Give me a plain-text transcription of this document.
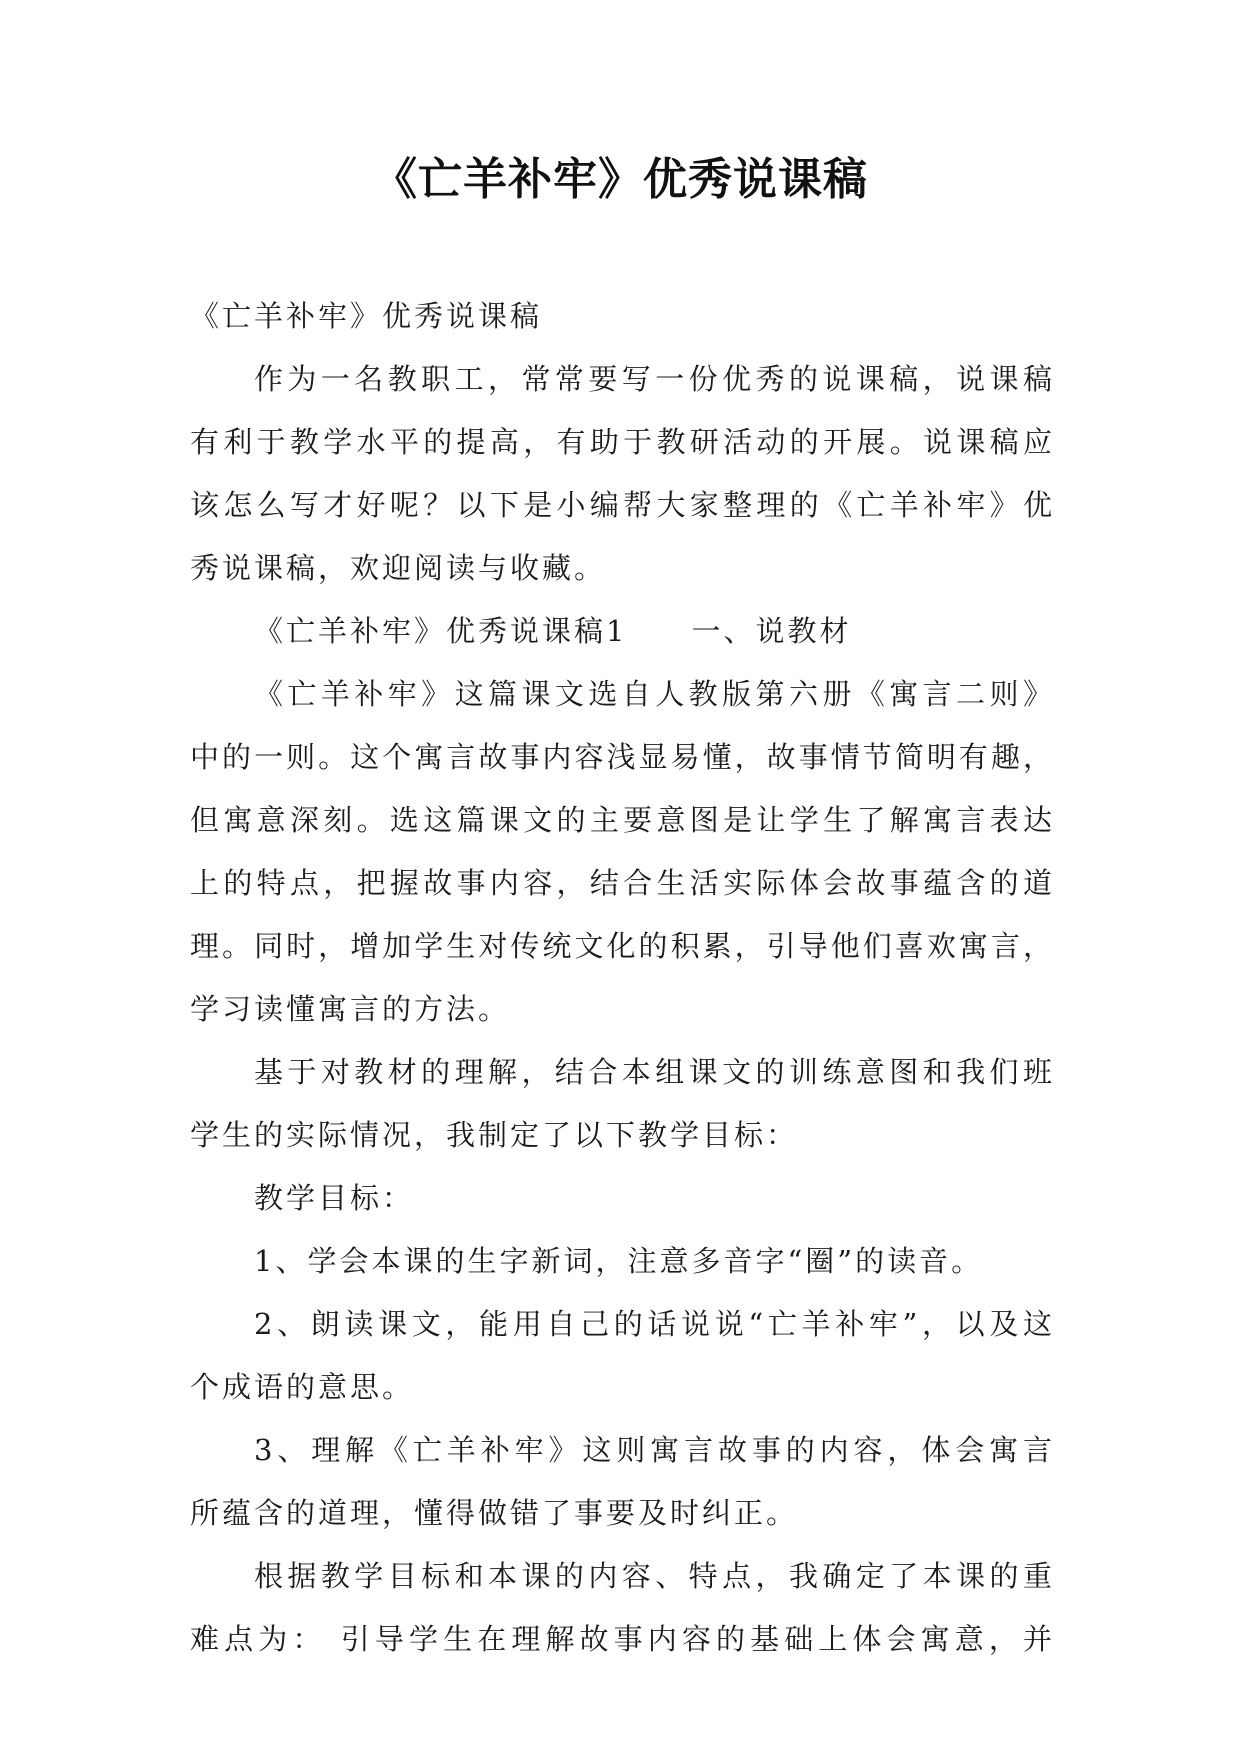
《亡羊补牢》优秀说课稿
《亡羊补牢》优秀说课稿
作为一名教职工，常常要写一份优秀的说课稿，说课稿
有利于教学水平的提高，有助于教研活动的开展。说课稿应
该怎么写才好呢？以下是小编帮大家整理的《亡羊补牢》优
秀说课稿，欢迎阅读与收藏。
《亡羊补牢》优秀说课稿1　　一、说教材
《亡羊补牢》这篇课文选自人教版第六册《寓言二则》
中的一则。这个寓言故事内容浅显易懂，故事情节简明有趣，
但寓意深刻。选这篇课文的主要意图是让学生了解寓言表达
上的特点，把握故事内容，结合生活实际体会故事蕴含的道
理。同时，增加学生对传统文化的积累，引导他们喜欢寓言，
学习读懂寓言的方法。
基于对教材的理解，结合本组课文的训练意图和我们班
学生的实际情况，我制定了以下教学目标：
教学目标：
1、学会本课的生字新词，注意多音字“圈”的读音。
2、朗读课文，能用自己的话说说“亡羊补牢”，以及这
个成语的意思。
3、理解《亡羊补牢》这则寓言故事的内容，体会寓言
所蕴含的道理，懂得做错了事要及时纠正。
根据教学目标和本课的内容、特点，我确定了本课的重
难点为： 引导学生在理解故事内容的基础上体会寓意，并
